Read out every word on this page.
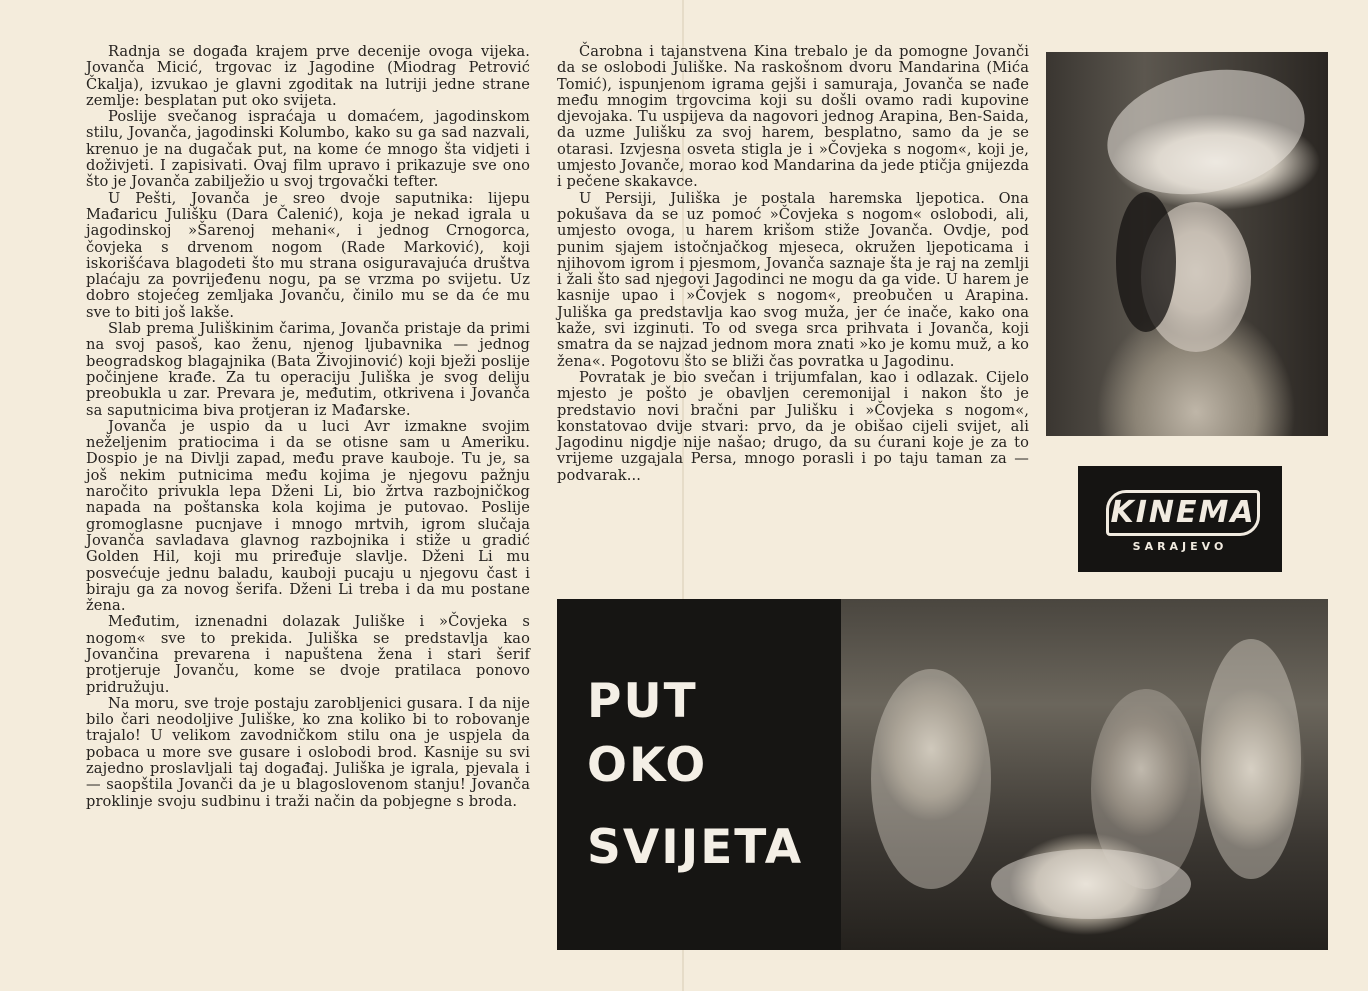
Radnja se događa krajem prve decenije ovoga vijeka. Jovanča Micić, trgovac iz Jagodine (Miodrag Petrović Čkalja), izvukao je glavni zgoditak na lutriji jedne strane zemlje: besplatan put oko svijeta.

Poslije svečanog ispraćaja u domaćem, jagodinskom stilu, Jovanča, jagodinski Kolumbo, kako su ga sad nazvali, krenuo je na dugačak put, na kome će mnogo šta vidjeti i doživjeti. I zapisivati. Ovaj film upravo i prikazuje sve ono što je Jovanča zabilježio u svoj trgovački tefter.

U Pešti, Jovanča je sreo dvoje saputnika: lijepu Mađaricu Julišku (Dara Čalenić), koja je nekad igrala u jagodinskoj »Šarenoj mehani«, i jednog Crnogorca, čovjeka s drvenom nogom (Rade Marković), koji iskorišćava blagodeti što mu strana osiguravajuća društva plaćaju za povrijeđenu nogu, pa se vrzma po svijetu. Uz dobro stojećeg zemljaka Jovanču, činilo mu se da će mu sve to biti još lakše.

Slab prema Juliškinim čarima, Jovanča pristaje da primi na svoj pasoš, kao ženu, njenog ljubavnika — jednog beogradskog blagajnika (Bata Živojinović) koji bježi poslije počinjene krađe. Za tu operaciju Juliška je svog deliju preobukla u zar. Prevara je, međutim, otkrivena i Jovanča sa saputnicima biva protjeran iz Mađarske.

Jovanča je uspio da u luci Avr izmakne svojim neželjenim pratiocima i da se otisne sam u Ameriku. Dospio je na Divlji zapad, među prave kauboje. Tu je, sa još nekim putnicima među kojima je njegovu pažnju naročito privukla lepa Dženi Li, bio žrtva razbojničkog napada na poštanska kola kojima je putovao. Poslije gromoglasne pucnjave i mnogo mrtvih, igrom slučaja Jovanča savladava glavnog razbojnika i stiže u gradić Golden Hil, koji mu priređuje slavlje. Dženi Li mu posvećuje jednu baladu, kauboji pucaju u njegovu čast i biraju ga za novog šerifa. Dženi Li treba i da mu postane žena.

Međutim, iznenadni dolazak Juliške i »Čovjeka s nogom« sve to prekida. Juliška se predstavlja kao Jovančina prevarena i napuštena žena i stari šerif protjeruje Jovanču, kome se dvoje pratilaca ponovo pridružuju.

Na moru, sve troje postaju zarobljenici gusara. I da nije bilo čari neodoljive Juliške, ko zna koliko bi to robovanje trajalo! U velikom zavodničkom stilu ona je uspjela da pobaca u more sve gusare i oslobodi brod. Kasnije su svi zajedno proslavljali taj događaj. Juliška je igrala, pjevala i — saopštila Jovanči da je u blagoslovenom stanju! Jovanča proklinje svoju sudbinu i traži način da pobjegne s broda.

Čarobna i tajanstvena Kina trebalo je da pomogne Jovanči da se oslobodi Juliške. Na raskošnom dvoru Mandarina (Mića Tomić), ispunjenom igrama gejši i samuraja, Jovanča se nađe među mnogim trgovcima koji su došli ovamo radi kupovine djevojaka. Tu uspijeva da nagovori jednog Arapina, Ben-Saida, da uzme Julišku za svoj harem, besplatno, samo da je se otarasi. Izvjesna osveta stigla je i »Čovjeka s nogom«, koji je, umjesto Jovanče, morao kod Mandarina da jede ptičja gnijezda i pečene skakavce.

U Persiji, Juliška je postala haremska ljepotica. Ona pokušava da se uz pomoć »Čovjeka s nogom« oslobodi, ali, umjesto ovoga, u harem krišom stiže Jovanča. Ovdje, pod punim sjajem istočnjačkog mjeseca, okružen ljepoticama i njihovom igrom i pjesmom, Jovanča saznaje šta je raj na zemlji i žali što sad njegovi Jagodinci ne mogu da ga vide. U harem je kasnije upao i »Čovjek s nogom«, preobučen u Arapina. Juliška ga predstavlja kao svog muža, jer će inače, kako ona kaže, svi izginuti. To od svega srca prihvata i Jovanča, koji smatra da se najzad jednom mora znati »ko je komu muž, a ko žena«. Pogotovu što se bliži čas povratka u Jagodinu.

Povratak je bio svečan i trijumfalan, kao i odlazak. Cijelo mjesto je pošto je obavljen ceremonijal i nakon što je predstavio novi bračni par Julišku i »Čovjeka s nogom«, konstatovao dvije stvari: prvo, da je obišao cijeli svijet, ali Jagodinu nigdje nije našao; drugo, da su ćurani koje je za to vrijeme uzgajala Persa, mnogo porasli i po taju taman za — podvarak...

KINEMA
SARAJEVO
PUT
OKO
SVIJETA
